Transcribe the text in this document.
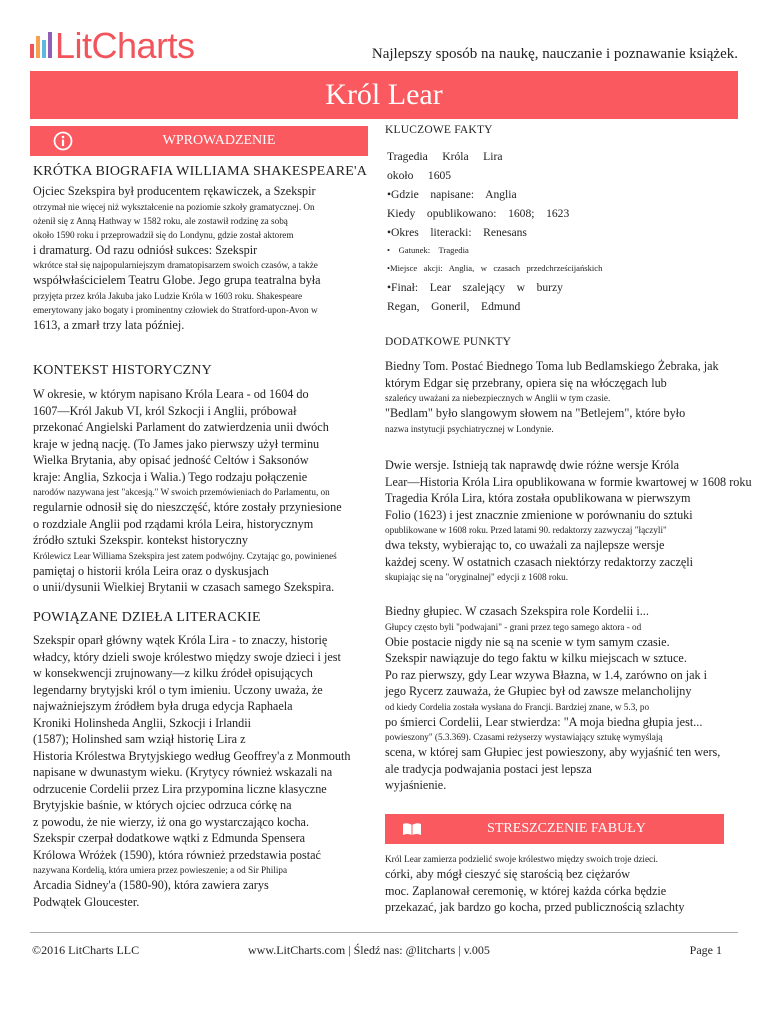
LitCharts	Najlepszy sposób na naukę, nauczanie i poznawanie książek.
Król Lear
WPROWADZENIE
KRÓTKA BIOGRAFIA WILLIAMA SHAKESPEARE'A
Ojciec Szekspira był producentem rękawiczek, a Szekspir
otrzymał nie więcej niż wykształcenie na poziomie szkoły gramatycznej. On
ożenił się z Anną Hathway w 1582 roku, ale zostawił rodzinę za sobą
około 1590 roku i przeprowadził się do Londynu, gdzie został aktorem
i dramaturg. Od razu odniósł sukces: Szekspir
wkrótce stał się najpopularniejszym dramatopisarzem swoich czasów, a także
współwłaścicielem Teatru Globe. Jego grupa teatralna była
przyjęta przez króla Jakuba jako Ludzie Króla w 1603 roku. Shakespeare
emerytowany jako bogaty i prominentny człowiek do Stratford-upon-Avon w
1613, a zmarł trzy lata później.
KONTEKST HISTORYCZNY
W okresie, w którym napisano Króla Leara - od 1604 do
1607—Król Jakub VI, król Szkocji i Anglii, próbował
przekonać Angielski Parlament do zatwierdzenia unii dwóch
kraje w jedną nację. (To James jako pierwszy użył terminu
Wielka Brytania, aby opisać jedność Celtów i Saksonów
kraje: Anglia, Szkocja i Walia.) Tego rodzaju połączenie
narodów nazywana jest "akcesją." W swoich przemówieniach do Parlamentu, on
regularnie odnosił się do nieszczęść, które zostały przyniesione
o rozdziale Anglii pod rządami króla Leira, historycznym
źródło sztuki Szekspir. kontekst historyczny
Królewicz Lear Williama Szekspira jest zatem podwójny. Czytając go, powinieneś
pamiętaj o historii króla Leira oraz o dyskusjach
o unii/dysunii Wielkiej Brytanii w czasach samego Szekspira.
POWIĄZANE DZIEŁA LITERACKIE
Szekspir oparł główny wątek Króla Lira - to znaczy, historię
władcy, który dzieli swoje królestwo między swoje dzieci i jest
w konsekwencji zrujnowany—z kilku źródeł opisujących
legendarny brytyjski król o tym imieniu. Uczony uważa, że
najważniejszym źródłem była druga edycja Raphaela
Kroniki Holinsheda Anglii, Szkocji i Irlandii
(1587); Holinshed sam wziął historię Lira z
Historia Królestwa Brytyjskiego według Geoffrey'a z Monmouth
napisane w dwunastym wieku. (Krytycy również wskazali na
odrzucenie Cordelii przez Lira przypomina liczne klasyczne
Brytyjskie baśnie, w których ojciec odrzuca córkę na
z powodu, że nie wierzy, iż ona go wystarczająco kocha.
Szekspir czerpał dodatkowe wątki z Edmunda Spensera
Królowa Wróżek (1590), która również przedstawia postać
nazywana Kordelią, która umiera przez powieszenie; a od Sir Philipa
Arcadia Sidney'a (1580-90), która zawiera zarys
Podwątek Gloucester.
KLUCZOWE FAKTY
Tragedia     Króla     Lira
około     1605
•Gdzie    napisane:    Anglia
Kiedy    opublikowano:    1608;    1623
•Okres    literacki:    Renesans
•    Gatunek:    Tragedia
•Miejsce   akcji:   Anglia,   w   czasach   przedchrześcijańskich
•Finał:    Lear    szalejący    w    burzy
Regan,    Goneril,    Edmund
DODATKOWE PUNKTY
Biedny Tom. Postać Biednego Toma lub Bedlamskiego Żebraka, jak
którym Edgar się przebrany, opiera się na włóczęgach lub
szaleńcy uważani za niebezpiecznych w Anglii w tym czasie.
"Bedlam" było slangowym słowem na "Betlejem", które było
nazwa instytucji psychiatrycznej w Londynie.
Dwie wersje. Istnieją tak naprawdę dwie różne wersje Króla
Lear—Historia Króla Lira opublikowana w formie kwartowej w 1608 roku
Tragedia Króla Lira, która została opublikowana w pierwszym
Folio (1623) i jest znacznie zmienione w porównaniu do sztuki
opublikowane w 1608 roku. Przed latami 90. redaktorzy zazwyczaj "łączyli"
dwa teksty, wybierając to, co uważali za najlepsze wersje
każdej sceny. W ostatnich czasach niektórzy redaktorzy zaczęli
skupiając się na "oryginalnej" edycji z 1608 roku.
Biedny głupiec. W czasach Szekspira role Kordelii i...
Głupcy często byli "podwajani" - grani przez tego samego aktora - od
Obie postacie nigdy nie są na scenie w tym samym czasie.
Szekspir nawiązuje do tego faktu w kilku miejscach w sztuce.
Po raz pierwszy, gdy Lear wzywa Błazna, w 1.4, zarówno on jak i
jego Rycerz zauważa, że Głupiec był od zawsze melancholijny
od kiedy Cordelia została wysłana do Francji. Bardziej znane, w 5.3, po
po śmierci Cordelii, Lear stwierdza: "A moja biedna głupia jest...
powieszony" (5.3.369). Czasami reżyserzy wystawiający sztukę wymyślają
scena, w której sam Głupiec jest powieszony, aby wyjaśnić ten wers,
ale tradycja podwajania postaci jest lepsza
wyjaśnienie.
STRESZCZENIE FABUŁY
Król Lear zamierza podzielić swoje królestwo między swoich troje dzieci.
córki, aby mógł cieszyć się starością bez ciężarów
moc. Zaplanował ceremonię, w której każda córka będzie
przekazać, jak bardzo go kocha, przed publicznością szlachty
©2016 LitCharts LLC	www.LitCharts.com | Śledź nas: @litcharts | v.005	Page 1
